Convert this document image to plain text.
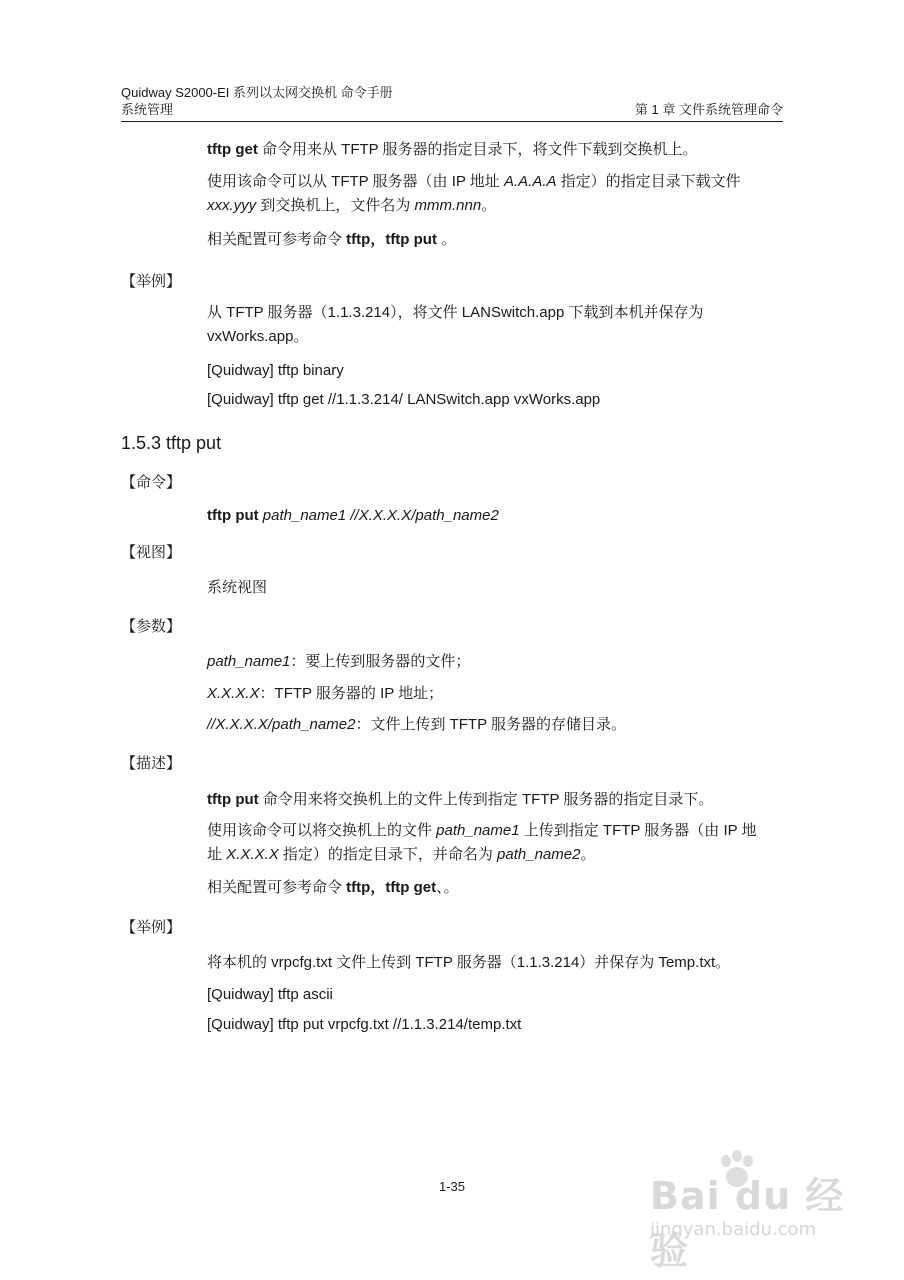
Quidway S2000-EI 系列以太网交换机 命令手册
系统管理	第 1 章 文件系统管理命令
tftp get 命令用来从 TFTP 服务器的指定目录下，将文件下载到交换机上。
使用该命令可以从 TFTP 服务器（由 IP 地址 A.A.A.A 指定）的指定目录下载文件
xxx.yyy 到交换机上，文件名为 mmm.nnn。
相关配置可参考命令 tftp，tftp put 。
【举例】
从 TFTP 服务器（1.1.3.214），将文件 LANSwitch.app 下载到本机并保存为
vxWorks.app。
[Quidway] tftp binary
[Quidway] tftp get //1.1.3.214/ LANSwitch.app vxWorks.app
1.5.3 tftp put
【命令】
tftp put path_name1 //X.X.X.X/path_name2
【视图】
系统视图
【参数】
path_name1：要上传到服务器的文件；
X.X.X.X：TFTP 服务器的 IP 地址；
//X.X.X.X/path_name2：文件上传到 TFTP 服务器的存储目录。
【描述】
tftp put 命令用来将交换机上的文件上传到指定 TFTP 服务器的指定目录下。
使用该命令可以将交换机上的文件 path_name1 上传到指定 TFTP 服务器（由 IP 地
址 X.X.X.X 指定）的指定目录下，并命名为 path_name2。
相关配置可参考命令 tftp，tftp get、。
【举例】
将本机的 vrpcfg.txt 文件上传到 TFTP 服务器（1.1.3.214）并保存为 Temp.txt。
[Quidway] tftp ascii
[Quidway] tftp put vrpcfg.txt //1.1.3.214/temp.txt
1-35	Bai du 经验
jingyan.baidu.com
